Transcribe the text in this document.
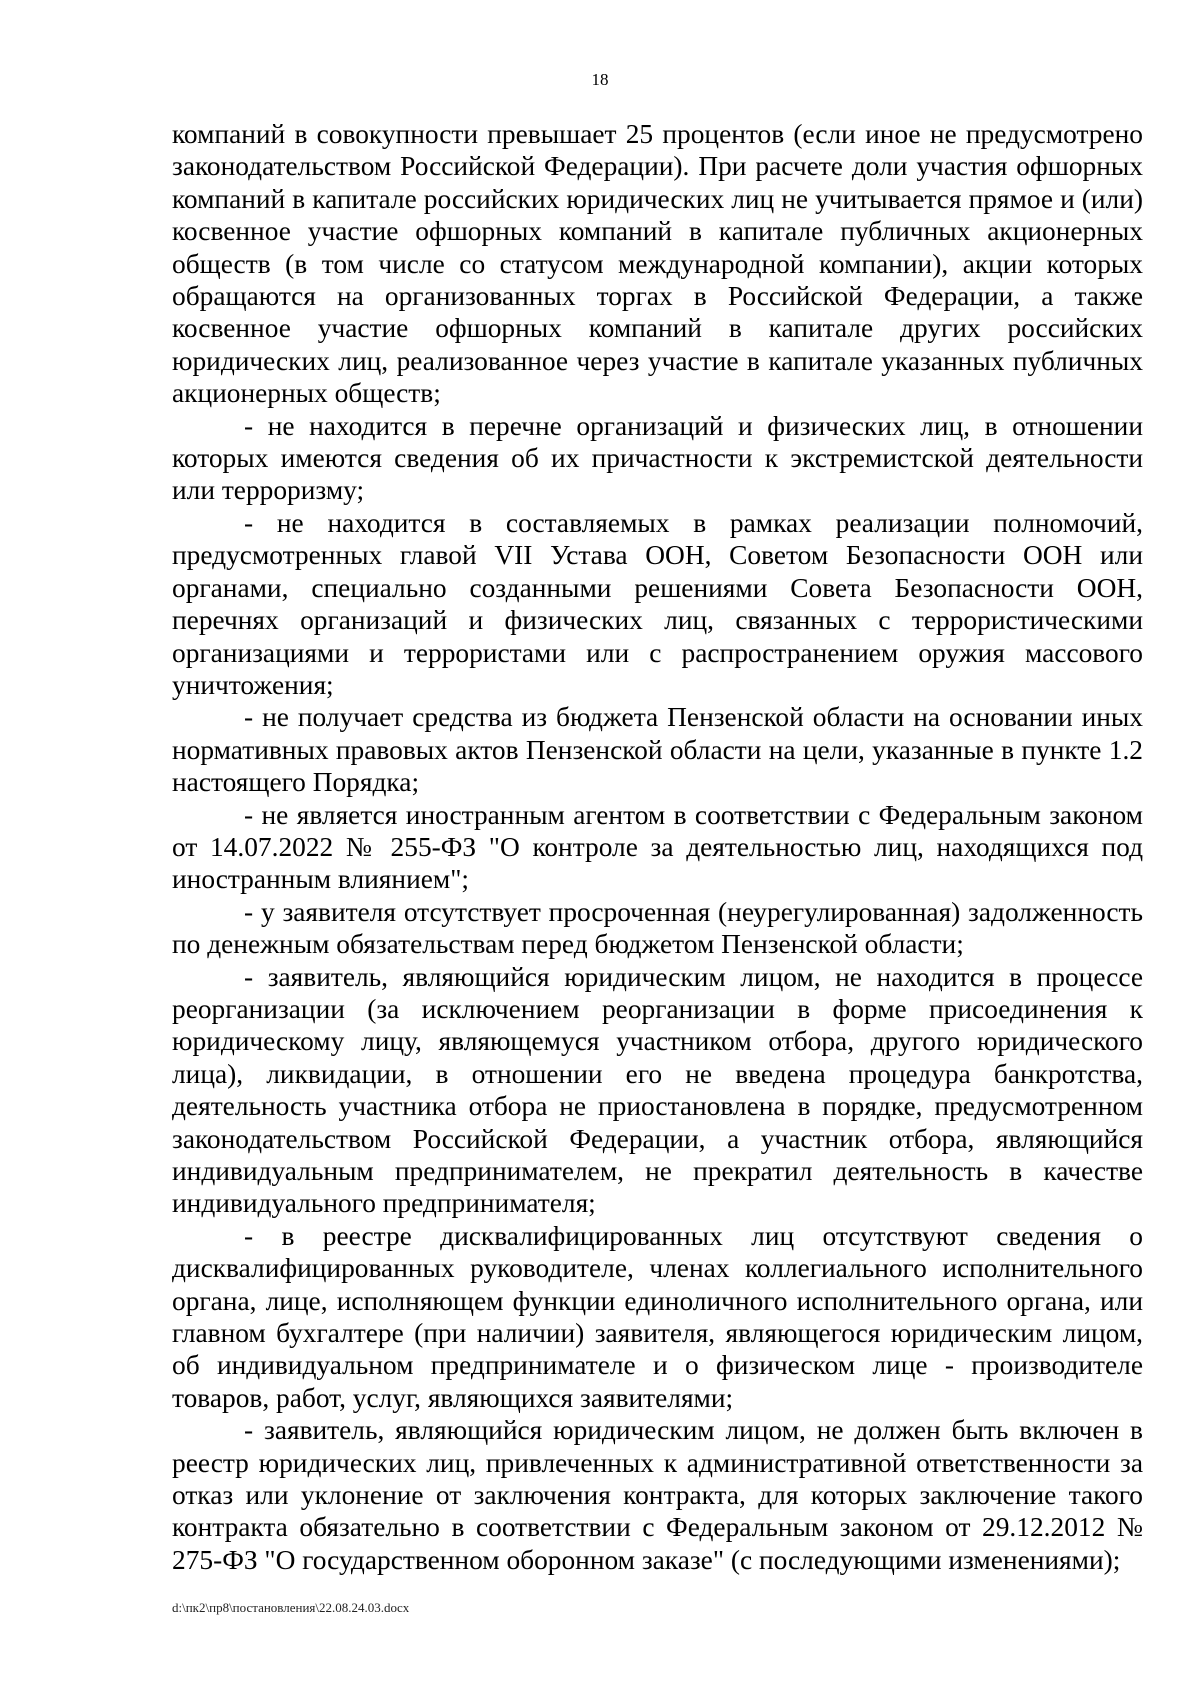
18

компаний в совокупности превышает 25 процентов (если иное не предусмотрено законодательством Российской Федерации). При расчете доли участия офшорных компаний в капитале российских юридических лиц не учитывается прямое и (или) косвенное участие офшорных компаний в капитале публичных акционерных обществ (в том числе со статусом международной компании), акции которых обращаются на организованных торгах в Российской Федерации, а также косвенное участие офшорных компаний в капитале других российских юридических лиц, реализованное через участие в капитале указанных публичных акционерных обществ;

- не находится в перечне организаций и физических лиц, в отношении которых имеются сведения об их причастности к экстремистской деятельности или терроризму;

- не находится в составляемых в рамках реализации полномочий, предусмотренных главой VII Устава ООН, Советом Безопасности ООН или органами, специально созданными решениями Совета Безопасности ООН, перечнях организаций и физических лиц, связанных с террористическими организациями и террористами или с распространением оружия массового уничтожения;

- не получает средства из бюджета Пензенской области на основании иных нормативных правовых актов Пензенской области на цели, указанные в пункте 1.2 настоящего Порядка;

- не является иностранным агентом в соответствии с Федеральным законом от 14.07.2022 № 255-ФЗ "О контроле за деятельностью лиц, находящихся под иностранным влиянием";

- у заявителя отсутствует просроченная (неурегулированная) задолженность по денежным обязательствам перед бюджетом Пензенской области;

- заявитель, являющийся юридическим лицом, не находится в процессе реорганизации (за исключением реорганизации в форме присоединения к юридическому лицу, являющемуся участником отбора, другого юридического лица), ликвидации, в отношении его не введена процедура банкротства, деятельность участника отбора не приостановлена в порядке, предусмотренном законодательством Российской Федерации, а участник отбора, являющийся индивидуальным предпринимателем, не прекратил деятельность в качестве индивидуального предпринимателя;

- в реестре дисквалифицированных лиц отсутствуют сведения о дисквалифицированных руководителе, членах коллегиального исполнительного органа, лице, исполняющем функции единоличного исполнительного органа, или главном бухгалтере (при наличии) заявителя, являющегося юридическим лицом, об индивидуальном предпринимателе и о физическом лице - производителе товаров, работ, услуг, являющихся заявителями;

- заявитель, являющийся юридическим лицом, не должен быть включен в реестр юридических лиц, привлеченных к административной ответственности за отказ или уклонение от заключения контракта, для которых заключение такого контракта обязательно в соответствии с Федеральным законом от 29.12.2012 № 275-ФЗ "О государственном оборонном заказе" (с последующими изменениями);

d:\пк2\пр8\постановления\22.08.24.03.docx
